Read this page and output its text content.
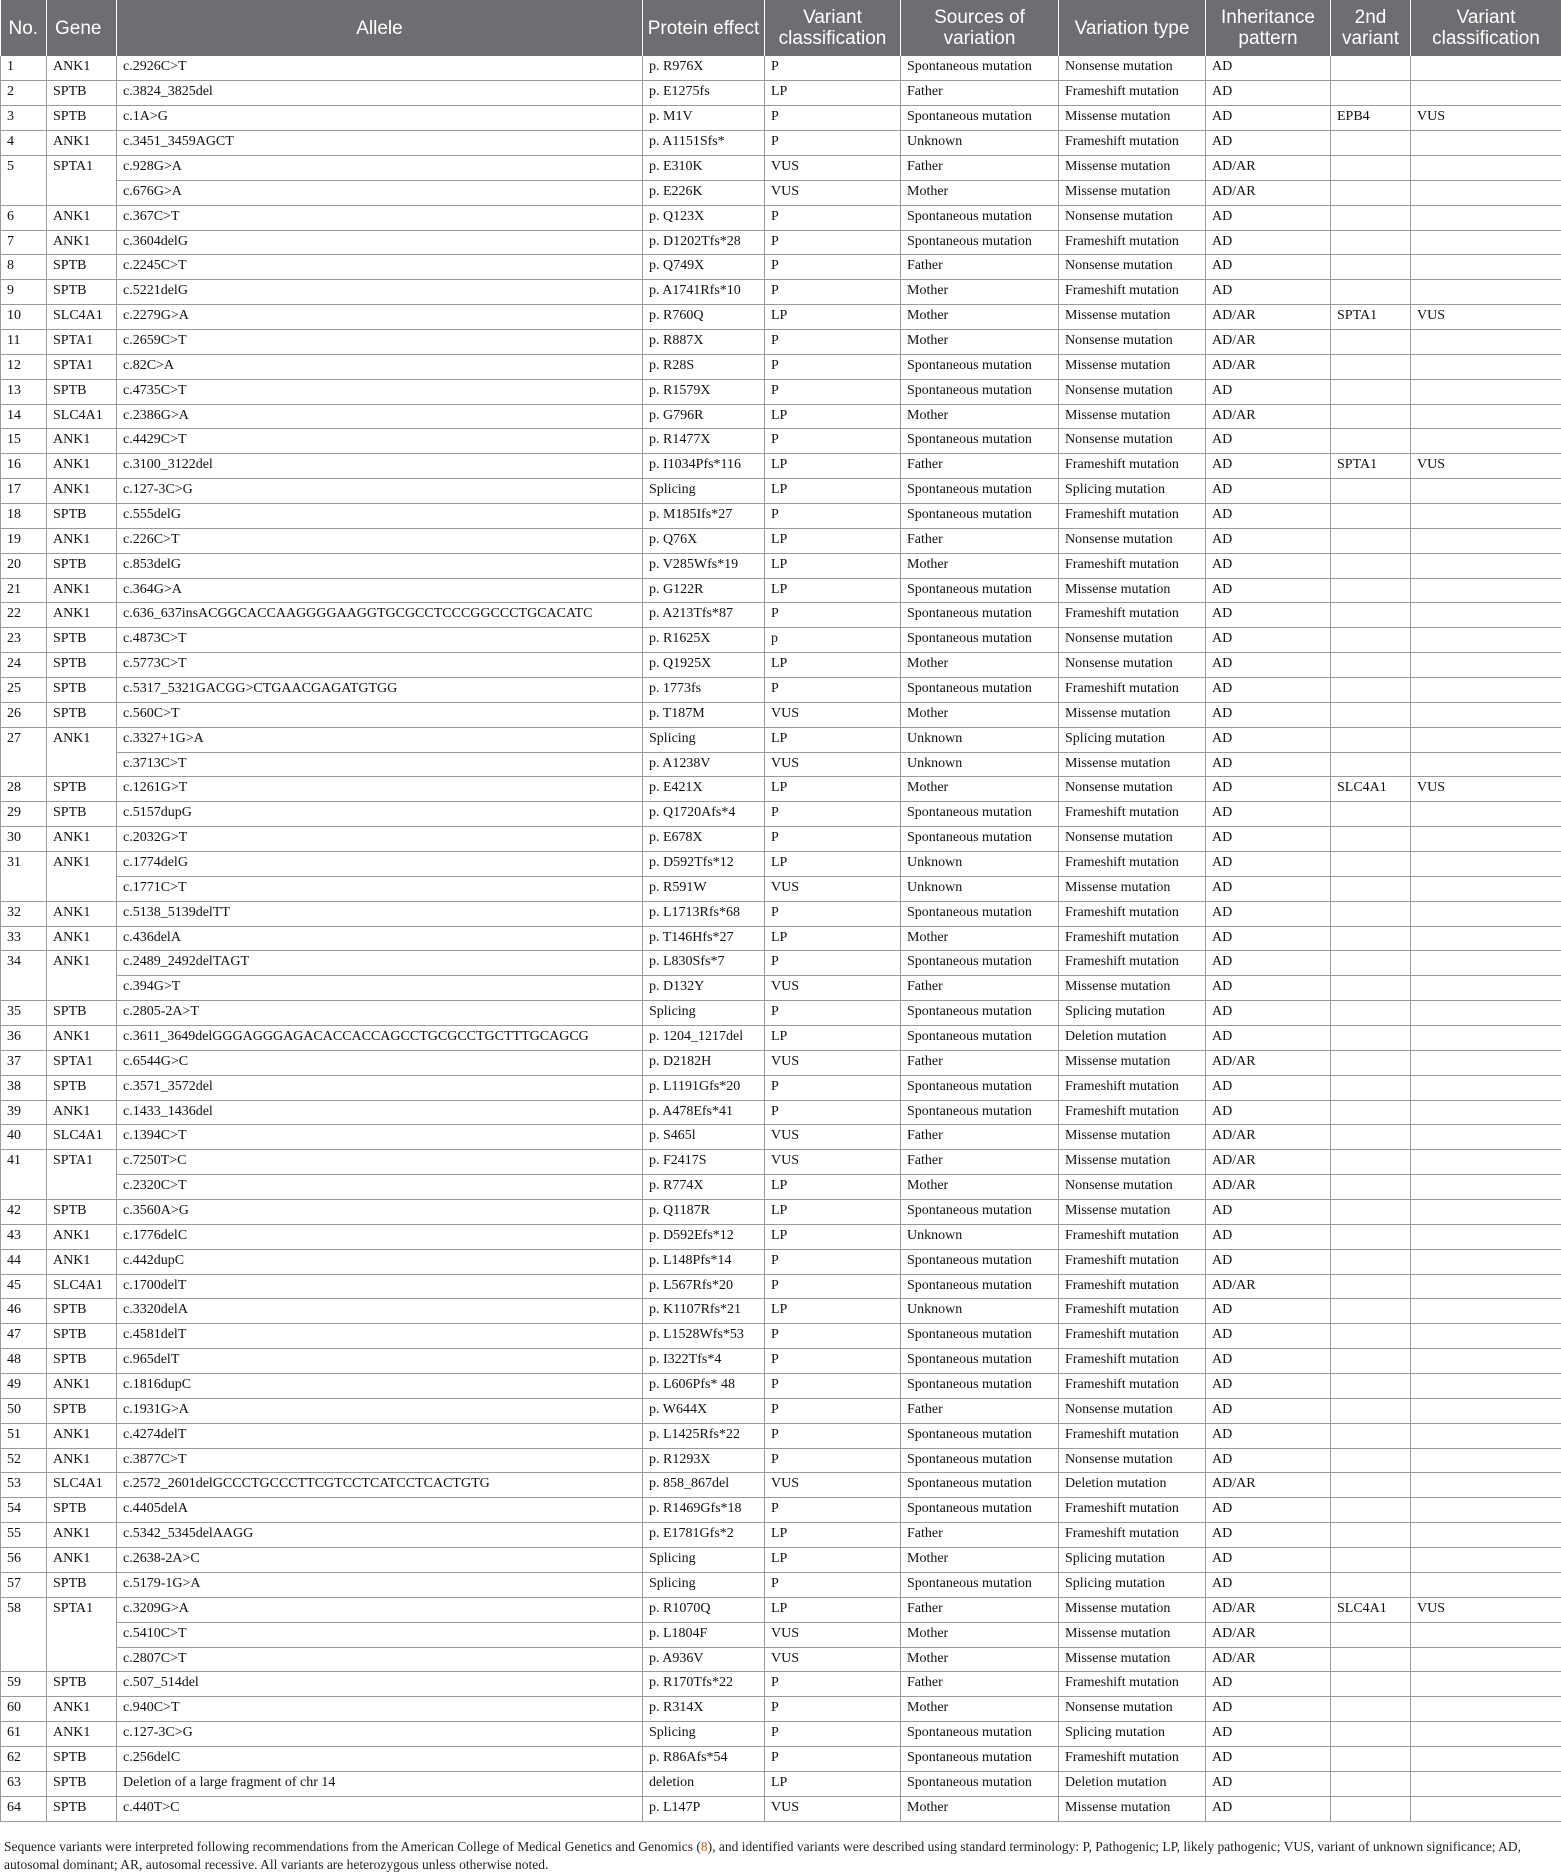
No.	Gene	Allele	Protein effect	Variant classification	Sources of variation	Variation type	Inheritance pattern	2nd variant	Variant classification
1	ANK1	c.2926C>T	p. R976X	P	Spontaneous mutation	Nonsense mutation	AD		
2	SPTB	c.3824_3825del	p. E1275fs	LP	Father	Frameshift mutation	AD		
3	SPTB	c.1A>G	p. M1V	P	Spontaneous mutation	Missense mutation	AD	EPB4	VUS
4	ANK1	c.3451_3459AGCT	p. A1151Sfs*	P	Unknown	Frameshift mutation	AD		
5	SPTA1	c.928G>A	p. E310K	VUS	Father	Missense mutation	AD/AR		
		c.676G>A	p. E226K	VUS	Mother	Missense mutation	AD/AR		
6	ANK1	c.367C>T	p. Q123X	P	Spontaneous mutation	Nonsense mutation	AD		
7	ANK1	c.3604delG	p. D1202Tfs*28	P	Spontaneous mutation	Frameshift mutation	AD		
8	SPTB	c.2245C>T	p. Q749X	P	Father	Nonsense mutation	AD		
9	SPTB	c.5221delG	p. A1741Rfs*10	P	Mother	Frameshift mutation	AD		
10	SLC4A1	c.2279G>A	p. R760Q	LP	Mother	Missense mutation	AD/AR	SPTA1	VUS
11	SPTA1	c.2659C>T	p. R887X	P	Mother	Nonsense mutation	AD/AR		
12	SPTA1	c.82C>A	p. R28S	P	Spontaneous mutation	Missense mutation	AD/AR		
13	SPTB	c.4735C>T	p. R1579X	P	Spontaneous mutation	Nonsense mutation	AD		
14	SLC4A1	c.2386G>A	p. G796R	LP	Mother	Missense mutation	AD/AR		
15	ANK1	c.4429C>T	p. R1477X	P	Spontaneous mutation	Nonsense mutation	AD		
16	ANK1	c.3100_3122del	p. I1034Pfs*116	LP	Father	Frameshift mutation	AD	SPTA1	VUS
17	ANK1	c.127-3C>G	Splicing	LP	Spontaneous mutation	Splicing mutation	AD		
18	SPTB	c.555delG	p. M185Ifs*27	P	Spontaneous mutation	Frameshift mutation	AD		
19	ANK1	c.226C>T	p. Q76X	LP	Father	Nonsense mutation	AD		
20	SPTB	c.853delG	p. V285Wfs*19	LP	Mother	Frameshift mutation	AD		
21	ANK1	c.364G>A	p. G122R	LP	Spontaneous mutation	Missense mutation	AD		
22	ANK1	c.636_637insACGGCACCAAGGGGAAGGTGCGCCTCCCGGCCCTGCACATC	p. A213Tfs*87	P	Spontaneous mutation	Frameshift mutation	AD		
23	SPTB	c.4873C>T	p. R1625X	p	Spontaneous mutation	Nonsense mutation	AD		
24	SPTB	c.5773C>T	p. Q1925X	LP	Mother	Nonsense mutation	AD		
25	SPTB	c.5317_5321GACGG>CTGAACGAGATGTGG	p. 1773fs	P	Spontaneous mutation	Frameshift mutation	AD		
26	SPTB	c.560C>T	p. T187M	VUS	Mother	Missense mutation	AD		
27	ANK1	c.3327+1G>A	Splicing	LP	Unknown	Splicing mutation	AD		
		c.3713C>T	p. A1238V	VUS	Unknown	Missense mutation	AD		
28	SPTB	c.1261G>T	p. E421X	LP	Mother	Nonsense mutation	AD	SLC4A1	VUS
29	SPTB	c.5157dupG	p. Q1720Afs*4	P	Spontaneous mutation	Frameshift mutation	AD		
30	ANK1	c.2032G>T	p. E678X	P	Spontaneous mutation	Nonsense mutation	AD		
31	ANK1	c.1774delG	p. D592Tfs*12	LP	Unknown	Frameshift mutation	AD		
		c.1771C>T	p. R591W	VUS	Unknown	Missense mutation	AD		
32	ANK1	c.5138_5139delTT	p. L1713Rfs*68	P	Spontaneous mutation	Frameshift mutation	AD		
33	ANK1	c.436delA	p. T146Hfs*27	LP	Mother	Frameshift mutation	AD		
34	ANK1	c.2489_2492delTAGT	p. L830Sfs*7	P	Spontaneous mutation	Frameshift mutation	AD		
		c.394G>T	p. D132Y	VUS	Father	Missense mutation	AD		
35	SPTB	c.2805-2A>T	Splicing	P	Spontaneous mutation	Splicing mutation	AD		
36	ANK1	c.3611_3649delGGGAGGGAGACACCACCAGCCTGCGCCTGCTTTGCAGCG	p. 1204_1217del	LP	Spontaneous mutation	Deletion mutation	AD		
37	SPTA1	c.6544G>C	p. D2182H	VUS	Father	Missense mutation	AD/AR		
38	SPTB	c.3571_3572del	p. L1191Gfs*20	P	Spontaneous mutation	Frameshift mutation	AD		
39	ANK1	c.1433_1436del	p. A478Efs*41	P	Spontaneous mutation	Frameshift mutation	AD		
40	SLC4A1	c.1394C>T	p. S465l	VUS	Father	Missense mutation	AD/AR		
41	SPTA1	c.7250T>C	p. F2417S	VUS	Father	Missense mutation	AD/AR		
		c.2320C>T	p. R774X	LP	Mother	Nonsense mutation	AD/AR		
42	SPTB	c.3560A>G	p. Q1187R	LP	Spontaneous mutation	Missense mutation	AD		
43	ANK1	c.1776delC	p. D592Efs*12	LP	Unknown	Frameshift mutation	AD		
44	ANK1	c.442dupC	p. L148Pfs*14	P	Spontaneous mutation	Frameshift mutation	AD		
45	SLC4A1	c.1700delT	p. L567Rfs*20	P	Spontaneous mutation	Frameshift mutation	AD/AR		
46	SPTB	c.3320delA	p. K1107Rfs*21	LP	Unknown	Frameshift mutation	AD		
47	SPTB	c.4581delT	p. L1528Wfs*53	P	Spontaneous mutation	Frameshift mutation	AD		
48	SPTB	c.965delT	p. I322Tfs*4	P	Spontaneous mutation	Frameshift mutation	AD		
49	ANK1	c.1816dupC	p. L606Pfs* 48	P	Spontaneous mutation	Frameshift mutation	AD		
50	SPTB	c.1931G>A	p. W644X	P	Father	Nonsense mutation	AD		
51	ANK1	c.4274delT	p. L1425Rfs*22	P	Spontaneous mutation	Frameshift mutation	AD		
52	ANK1	c.3877C>T	p. R1293X	P	Spontaneous mutation	Nonsense mutation	AD		
53	SLC4A1	c.2572_2601delGCCCTGCCCTTCGTCCTCATCCTCACTGTG	p. 858_867del	VUS	Spontaneous mutation	Deletion mutation	AD/AR		
54	SPTB	c.4405delA	p. R1469Gfs*18	P	Spontaneous mutation	Frameshift mutation	AD		
55	ANK1	c.5342_5345delAAGG	p. E1781Gfs*2	LP	Father	Frameshift mutation	AD		
56	ANK1	c.2638-2A>C	Splicing	LP	Mother	Splicing mutation	AD		
57	SPTB	c.5179-1G>A	Splicing	P	Spontaneous mutation	Splicing mutation	AD		
58	SPTA1	c.3209G>A	p. R1070Q	LP	Father	Missense mutation	AD/AR	SLC4A1	VUS
		c.5410C>T	p. L1804F	VUS	Mother	Missense mutation	AD/AR		
		c.2807C>T	p. A936V	VUS	Mother	Missense mutation	AD/AR		
59	SPTB	c.507_514del	p. R170Tfs*22	P	Father	Frameshift mutation	AD		
60	ANK1	c.940C>T	p. R314X	P	Mother	Nonsense mutation	AD		
61	ANK1	c.127-3C>G	Splicing	P	Spontaneous mutation	Splicing mutation	AD		
62	SPTB	c.256delC	p. R86Afs*54	P	Spontaneous mutation	Frameshift mutation	AD		
63	SPTB	Deletion of a large fragment of chr 14	deletion	LP	Spontaneous mutation	Deletion mutation	AD		
64	SPTB	c.440T>C	p. L147P	VUS	Mother	Missense mutation	AD		
Sequence variants were interpreted following recommendations from the American College of Medical Genetics and Genomics (8), and identified variants were described using standard terminology: P, Pathogenic; LP, likely pathogenic; VUS, variant of unknown significance; AD, autosomal dominant; AR, autosomal recessive. All variants are heterozygous unless otherwise noted.
